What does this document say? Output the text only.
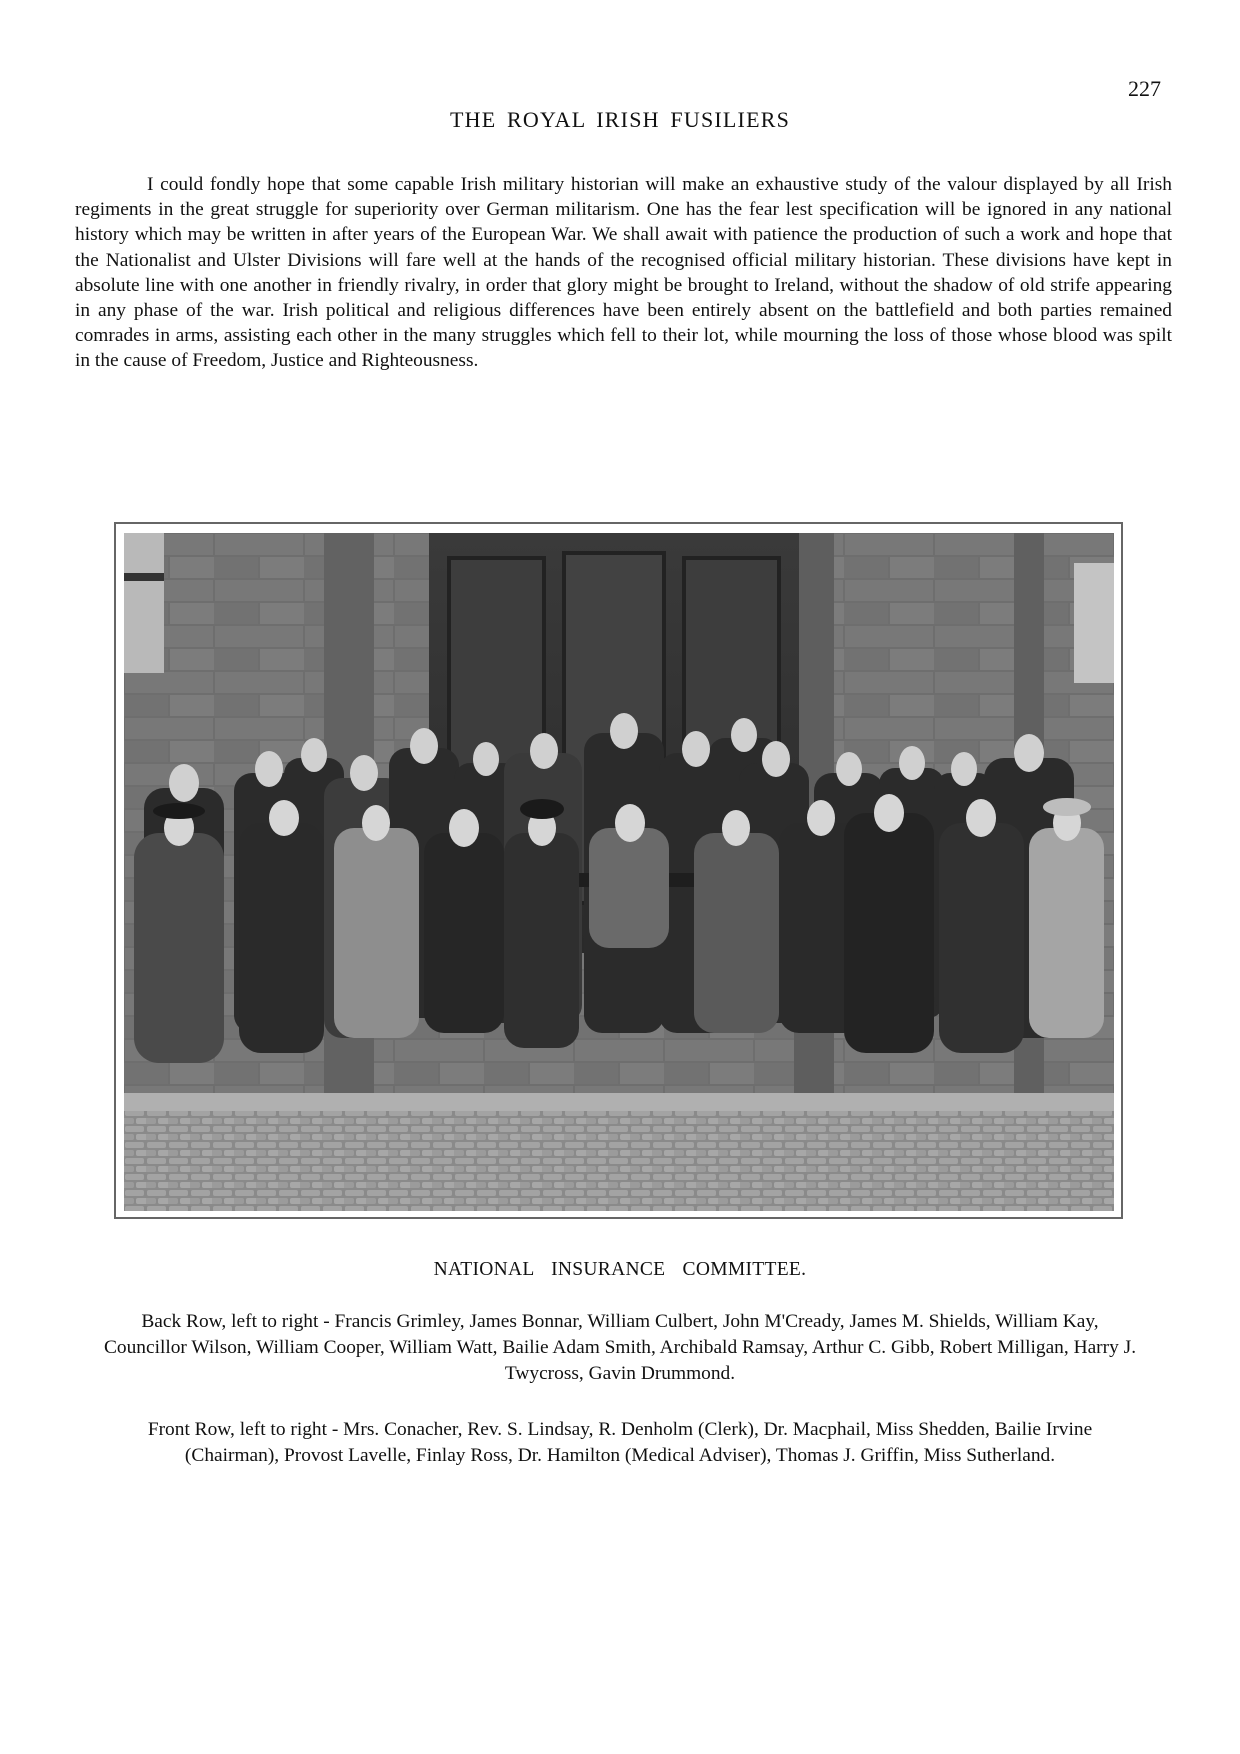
227
THE ROYAL IRISH FUSILIERS

I could fondly hope that some capable Irish military historian will make an exhaustive study of the valour displayed by all Irish regiments in the great struggle for superiority over German militarism. One has the fear lest specification will be ignored in any national history which may be written in after years of the European War. We shall await with patience the production of such a work and hope that the Nationalist and Ulster Divisions will fare well at the hands of the recognised official military historian. These divisions have kept in absolute line with one another in friendly rivalry, in order that glory might be brought to Ireland, without the shadow of old strife appearing in any phase of the war. Irish political and religious differences have been entirely absent on the battlefield and both parties remained comrades in arms, assisting each other in the many struggles which fell to their lot, while mourning the loss of those whose blood was spilt in the cause of Freedom, Justice and Righteousness.

NATIONAL INSURANCE COMMITTEE.

Back Row, left to right - Francis Grimley, James Bonnar, William Culbert, John M'Cready, James M. Shields, William Kay, Councillor Wilson, William Cooper, William Watt, Bailie Adam Smith, Archibald Ramsay, Arthur C. Gibb, Robert Milligan, Harry J. Twycross, Gavin Drummond.

Front Row, left to right - Mrs. Conacher, Rev. S. Lindsay, R. Denholm (Clerk), Dr. Macphail, Miss Shedden, Bailie Irvine (Chairman), Provost Lavelle, Finlay Ross, Dr. Hamilton (Medical Adviser), Thomas J. Griffin, Miss Sutherland.
